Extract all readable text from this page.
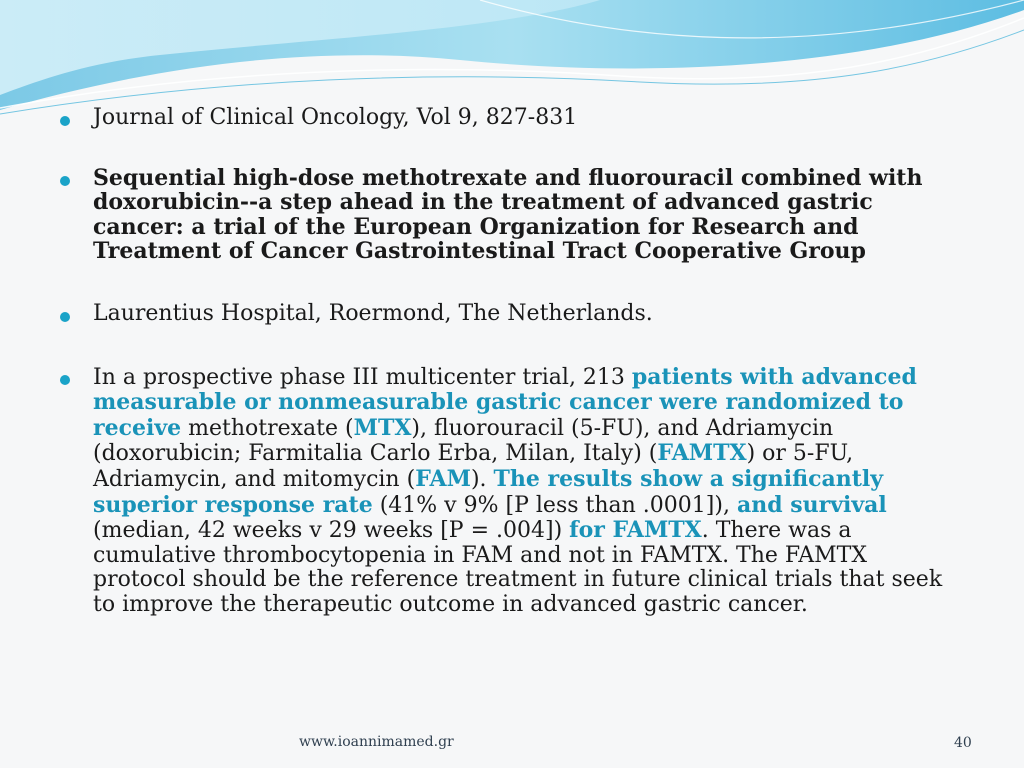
Journal of Clinical Oncology, Vol 9, 827-831
Sequential high-dose methotrexate and fluorouracil combined with doxorubicin--a step ahead in the treatment of advanced gastric cancer: a trial of the European Organization for Research and Treatment of Cancer Gastrointestinal Tract Cooperative Group
Laurentius Hospital, Roermond, The Netherlands.
In a prospective phase III multicenter trial, 213 patients with advanced measurable or nonmeasurable gastric cancer were randomized to receive methotrexate (MTX), fluorouracil (5-FU), and Adriamycin (doxorubicin; Farmitalia Carlo Erba, Milan, Italy) (FAMTX) or 5-FU, Adriamycin, and mitomycin (FAM). The results show a significantly superior response rate (41% v 9% [P less than .0001]), and survival (median, 42 weeks v 29 weeks [P = .004]) for FAMTX. There was a cumulative thrombocytopenia in FAM and not in FAMTX. The FAMTX protocol should be the reference treatment in future clinical trials that seek to improve the therapeutic outcome in advanced gastric cancer.
www.ioannimamed.gr	40
